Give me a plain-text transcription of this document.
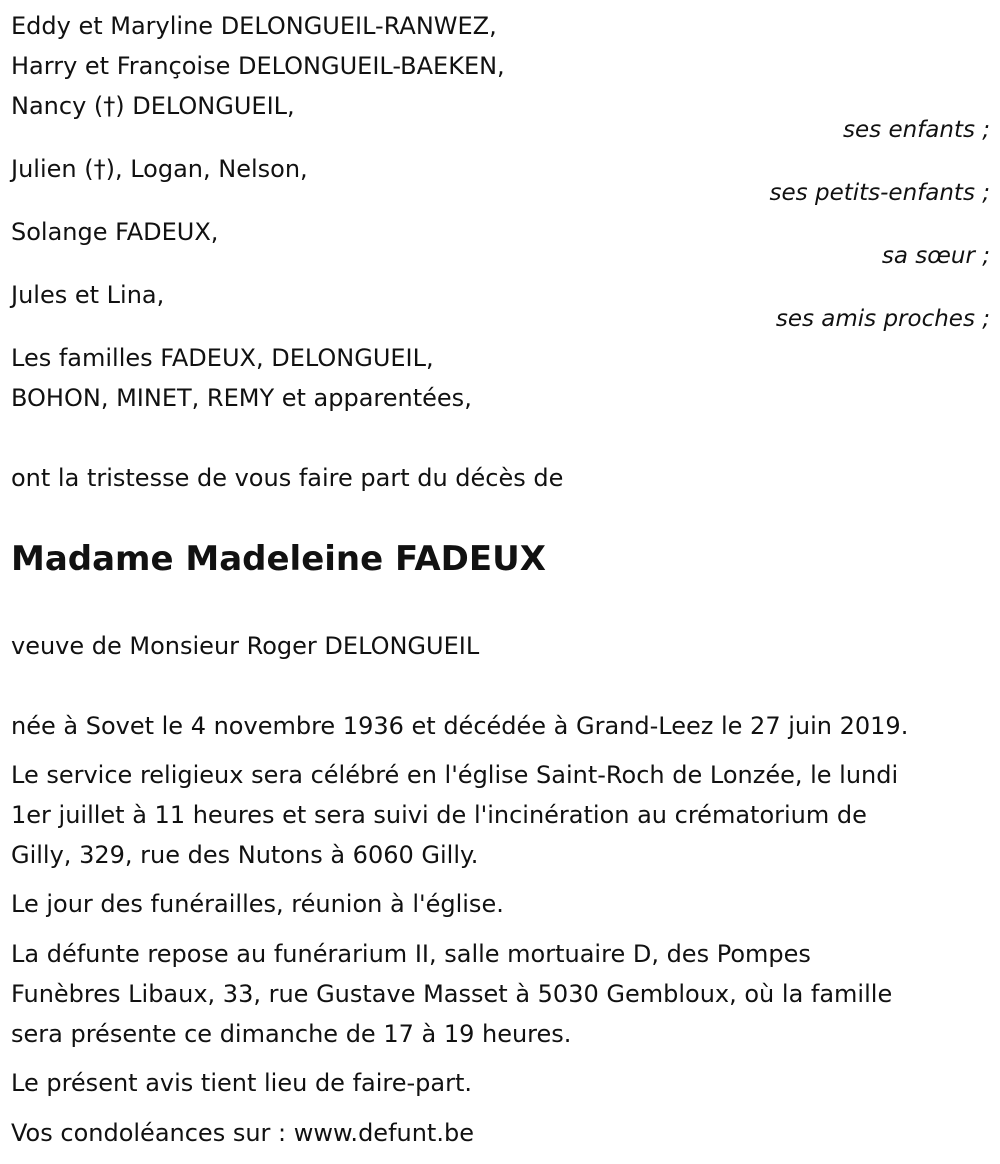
Eddy et Maryline DELONGUEIL-RANWEZ,
Harry et Françoise DELONGUEIL-BAEKEN,
Nancy (†) DELONGUEIL,
ses enfants ;
Julien (†), Logan, Nelson,
ses petits-enfants ;
Solange FADEUX,
sa sœur ;
Jules et Lina,
ses amis proches ;
Les familles FADEUX, DELONGUEIL,
BOHON, MINET, REMY et apparentées,
ont la tristesse de vous faire part du décès de
Madame Madeleine FADEUX
veuve de Monsieur Roger DELONGUEIL
née à Sovet le 4 novembre 1936 et décédée à Grand-Leez le 27 juin 2019.
Le service religieux sera célébré en l'église Saint-Roch de Lonzée, le lundi
1er juillet à 11 heures et sera suivi de l'incinération au crématorium de
Gilly, 329, rue des Nutons à 6060 Gilly.
Le jour des funérailles, réunion à l'église.
La défunte repose au funérarium II, salle mortuaire D, des Pompes
Funèbres Libaux, 33, rue Gustave Masset à 5030 Gembloux, où la famille
sera présente ce dimanche de 17 à 19 heures.
Le présent avis tient lieu de faire-part.
Vos condoléances sur : www.defunt.be
